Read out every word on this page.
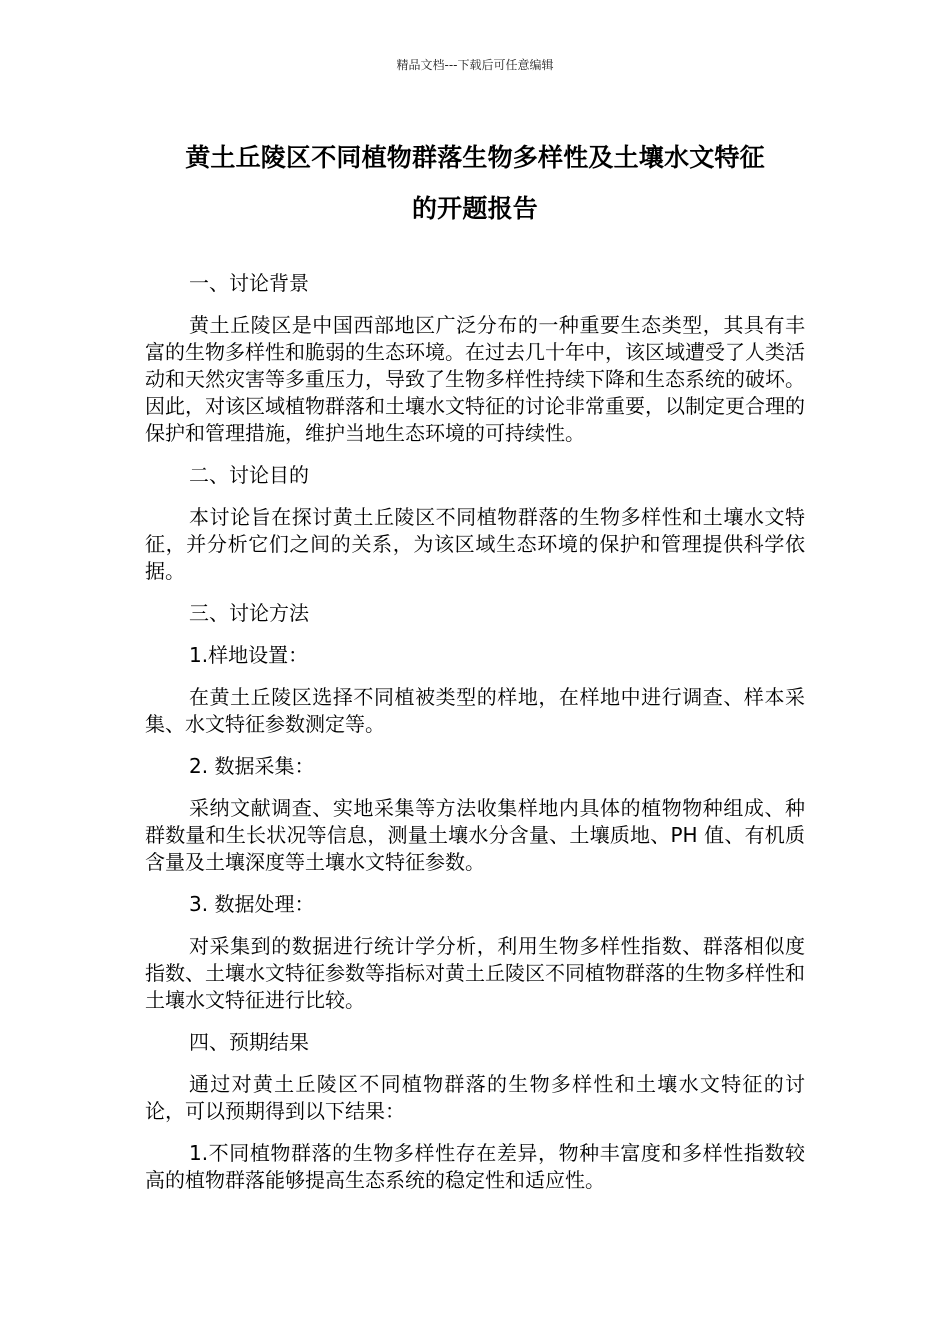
精品文档---下载后可任意编辑
黄土丘陵区不同植物群落生物多样性及土壤水文特征
的开题报告

一、讨论背景

黄土丘陵区是中国西部地区广泛分布的一种重要生态类型，其具有丰富的生物多样性和脆弱的生态环境。在过去几十年中，该区域遭受了人类活动和天然灾害等多重压力，导致了生物多样性持续下降和生态系统的破坏。因此，对该区域植物群落和土壤水文特征的讨论非常重要，以制定更合理的保护和管理措施，维护当地生态环境的可持续性。

二、讨论目的

本讨论旨在探讨黄土丘陵区不同植物群落的生物多样性和土壤水文特征，并分析它们之间的关系，为该区域生态环境的保护和管理提供科学依据。

三、讨论方法

1.样地设置：

在黄土丘陵区选择不同植被类型的样地，在样地中进行调查、样本采集、水文特征参数测定等。

2. 数据采集：

采纳文献调查、实地采集等方法收集样地内具体的植物物种组成、种群数量和生长状况等信息，测量土壤水分含量、土壤质地、PH 值、有机质含量及土壤深度等土壤水文特征参数。

3. 数据处理：

对采集到的数据进行统计学分析，利用生物多样性指数、群落相似度指数、土壤水文特征参数等指标对黄土丘陵区不同植物群落的生物多样性和土壤水文特征进行比较。

四、预期结果

通过对黄土丘陵区不同植物群落的生物多样性和土壤水文特征的讨论，可以预期得到以下结果：

1.不同植物群落的生物多样性存在差异，物种丰富度和多样性指数较高的植物群落能够提高生态系统的稳定性和适应性。
